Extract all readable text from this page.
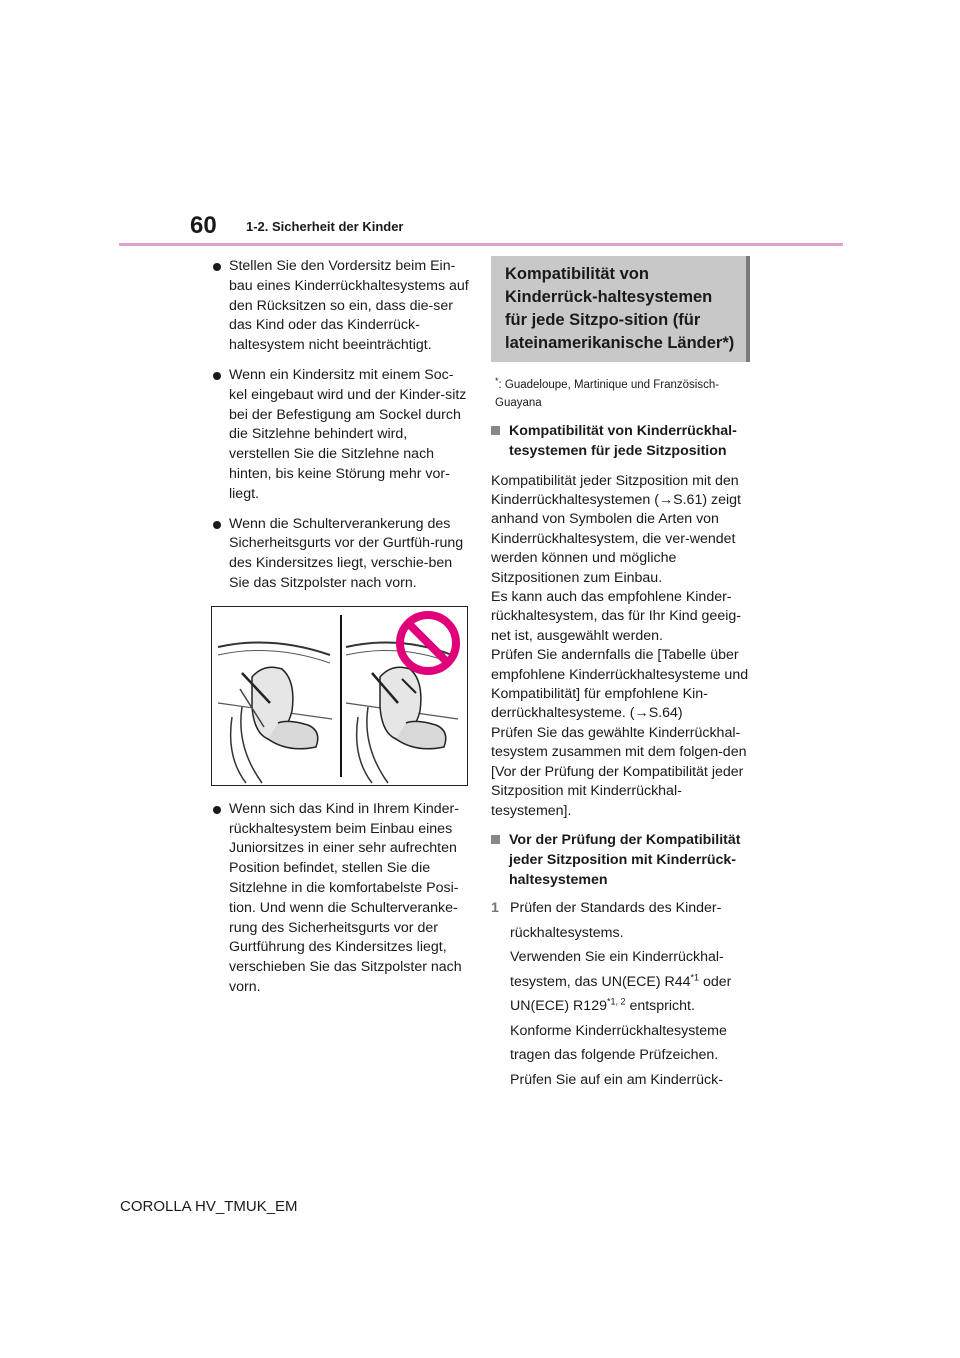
60 1-2. Sicherheit der Kinder
Stellen Sie den Vordersitz beim Ein-bau eines Kinderrückhaltesystems auf den Rücksitzen so ein, dass die-ser das Kind oder das Kinderrück-haltesystem nicht beeinträchtigt.
Wenn ein Kindersitz mit einem Soc-kel eingebaut wird und der Kinder-sitz bei der Befestigung am Sockel durch die Sitzlehne behindert wird, verstellen Sie die Sitzlehne nach hinten, bis keine Störung mehr vor-liegt.
Wenn die Schulterverankerung des Sicherheitsgurts vor der Gurtfüh-rung des Kindersitzes liegt, verschie-ben Sie das Sitzpolster nach vorn.
Wenn sich das Kind in Ihrem Kinder-rückhaltesystem beim Einbau eines Juniorsitzes in einer sehr aufrechten Position befindet, stellen Sie die Sitzlehne in die komfortabelste Posi-tion. Und wenn die Schulterveranke-rung des Sicherheitsgurts vor der Gurtführung des Kindersitzes liegt, verschieben Sie das Sitzpolster nach vorn.
Kompatibilität von Kinderrück-haltesystemen für jede Sitzpo-sition (für lateinamerikanische Länder*)
*: Guadeloupe, Martinique und Französisch-Guayana
Kompatibilität von Kinderrückhal-tesystemen für jede Sitzposition
Kompatibilität jeder Sitzposition mit den Kinderrückhaltesystemen (→S.61) zeigt anhand von Symbolen die Arten von Kinderrückhaltesystem, die ver-wendet werden können und mögliche Sitzpositionen zum Einbau.
Es kann auch das empfohlene Kinder-rückhaltesystem, das für Ihr Kind geeig-net ist, ausgewählt werden.
Prüfen Sie andernfalls die [Tabelle über empfohlene Kinderrückhaltesysteme und Kompatibilität] für empfohlene Kin-derrückhaltesysteme. (→S.64)
Prüfen Sie das gewählte Kinderrückhal-tesystem zusammen mit dem folgen-den [Vor der Prüfung der Kompatibilität jeder Sitzposition mit Kinderrückhal-tesystemen].
Vor der Prüfung der Kompatibilität jeder Sitzposition mit Kinderrück-haltesystemen
1 Prüfen der Standards des Kinder-rückhaltesystems.
Verwenden Sie ein Kinderrückhal-tesystem, das UN(ECE) R44$^{*1}$ oder UN(ECE) R129$^{*1, 2}$ entspricht.
Konforme Kinderrückhaltesysteme tragen das folgende Prüfzeichen.
Prüfen Sie auf ein am Kinderrück-
COROLLA HV_TMUK_EM
